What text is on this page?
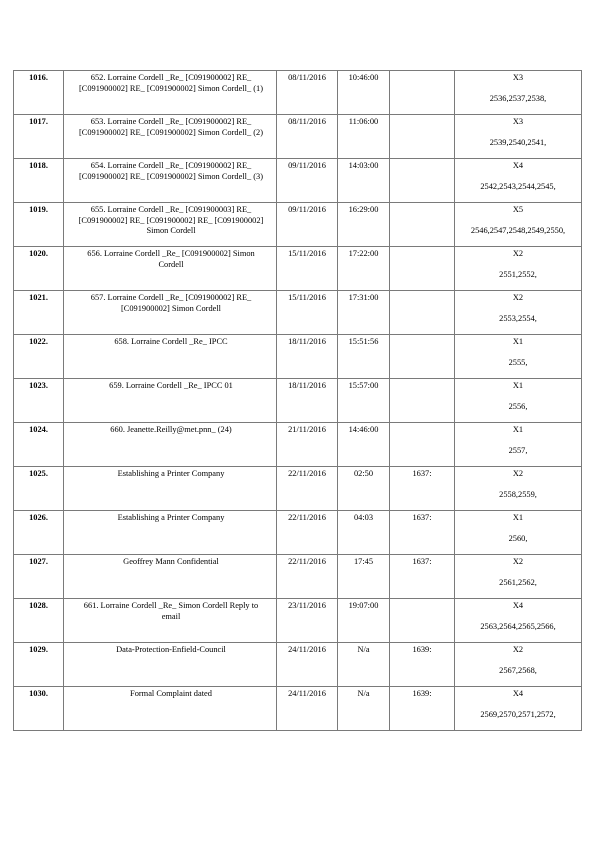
1016.	652. Lorraine Cordell _Re_ [C091900002] RE_ [C091900002] RE_ [C091900002] Simon Cordell_ (1)	08/11/2016	10:46:00		X3
2536,2537,2538,

1017.	653. Lorraine Cordell _Re_ [C091900002] RE_ [C091900002] RE_ [C091900002] Simon Cordell_ (2)	08/11/2016	11:06:00		X3
2539,2540,2541,

1018.	654. Lorraine Cordell _Re_ [C091900002] RE_ [C091900002] RE_ [C091900002] Simon Cordell_ (3)	09/11/2016	14:03:00		X4
2542,2543,2544,2545,

1019.	655. Lorraine Cordell _Re_ [C091900003] RE_ [C091900002] RE_ [C091900002] RE_ [C091900002] Simon Cordell	09/11/2016	16:29:00		X5
2546,2547,2548,2549,2550,

1020.	656. Lorraine Cordell _Re_ [C091900002] Simon Cordell	15/11/2016	17:22:00		X2
2551,2552,

1021.	657. Lorraine Cordell _Re_ [C091900002] RE_ [C091900002] Simon Cordell	15/11/2016	17:31:00		X2
2553,2554,

1022.	658. Lorraine Cordell _Re_ IPCC	18/11/2016	15:51:56		X1
2555,

1023.	659. Lorraine Cordell _Re_ IPCC 01	18/11/2016	15:57:00		X1
2556,

1024.	660. Jeanette.Reilly@met.pnn_ (24)	21/11/2016	14:46:00		X1
2557,

1025.	Establishing a Printer Company	22/11/2016	02:50	1637:	X2
2558,2559,

1026.	Establishing a Printer Company	22/11/2016	04:03	1637:	X1
2560,

1027.	Geoffrey Mann Confidential	22/11/2016	17:45	1637:	X2
2561,2562,

1028.	661. Lorraine Cordell _Re_ Simon Cordell Reply to email	23/11/2016	19:07:00		X4
2563,2564,2565,2566,

1029.	Data-Protection-Enfield-Council	24/11/2016	N/a	1639:	X2
2567,2568,

1030.	Formal Complaint dated	24/11/2016	N/a	1639:	X4
2569,2570,2571,2572,
